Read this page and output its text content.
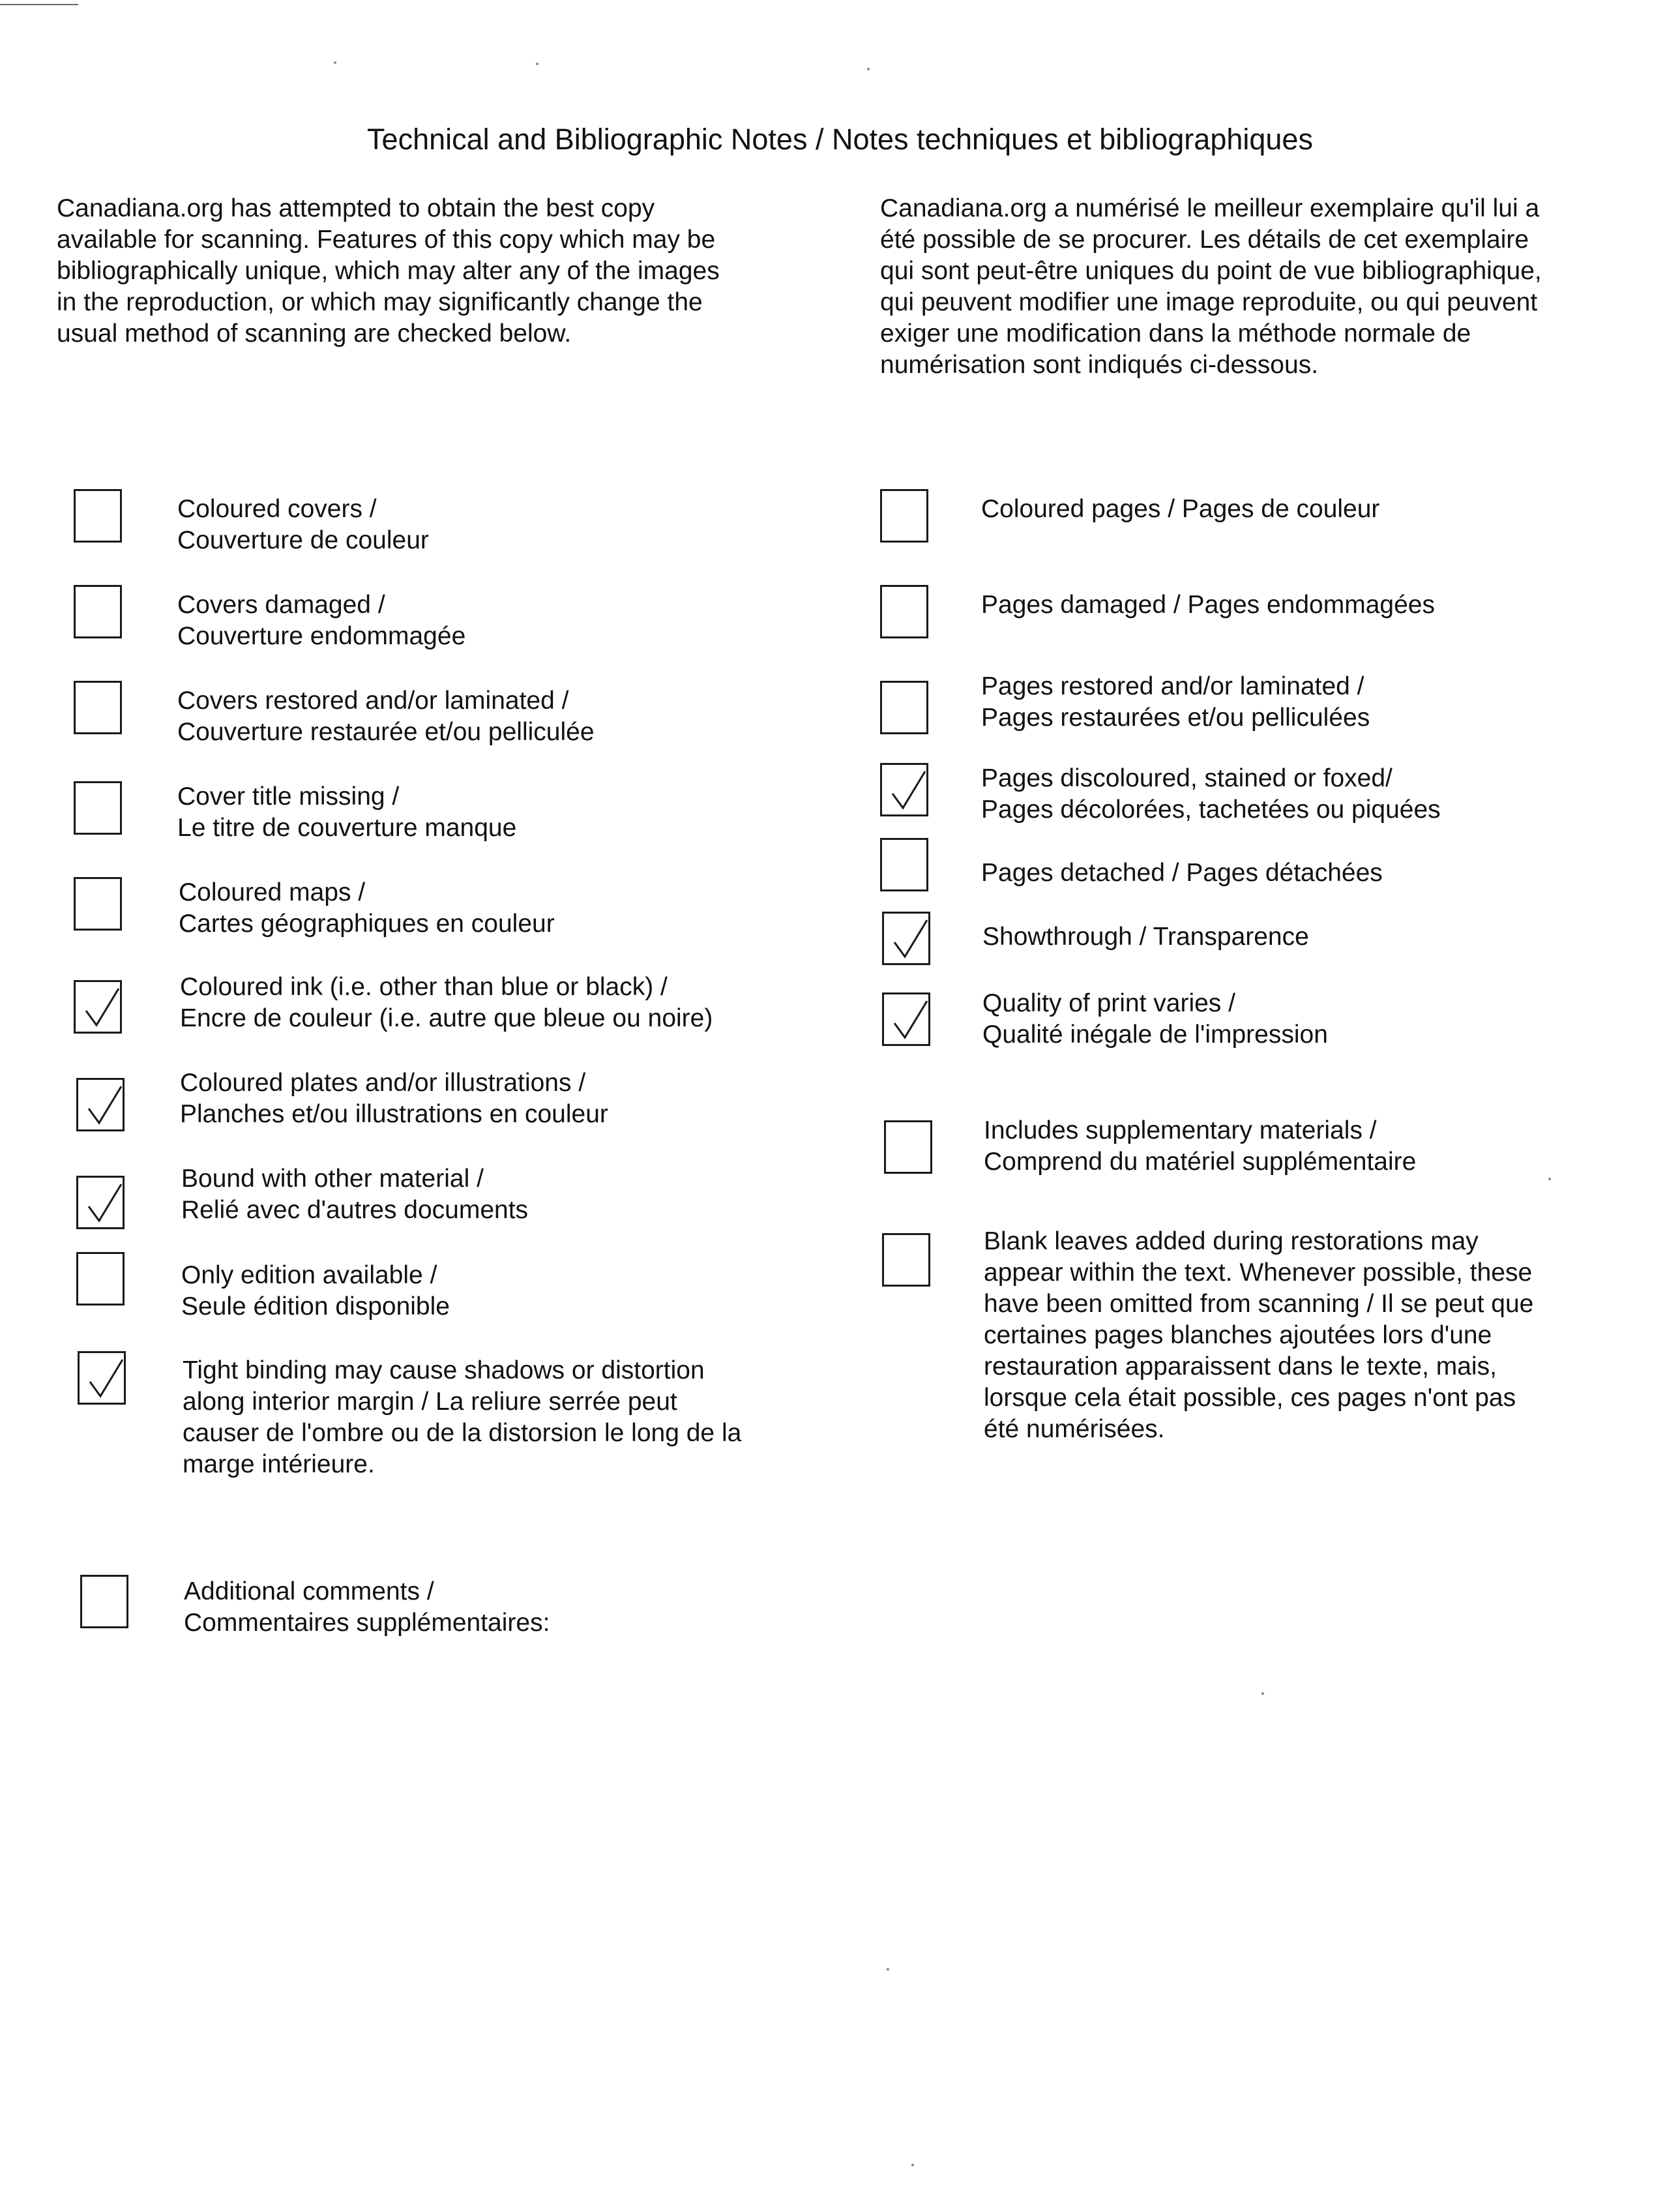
Technical and Bibliographic Notes / Notes techniques et bibliographiques
Canadiana.org has attempted to obtain the best copy
available for scanning. Features of this copy which may be
bibliographically unique, which may alter any of the images
in the reproduction, or which may significantly change the
usual method of scanning are checked below.
Canadiana.org a numérisé le meilleur exemplaire qu'il lui a
été possible de se procurer. Les détails de cet exemplaire
qui sont peut-être uniques du point de vue bibliographique,
qui peuvent modifier une image reproduite, ou qui peuvent
exiger une modification dans la méthode normale de
numérisation sont indiqués ci-dessous.
Coloured covers /
Couverture de couleur
Covers damaged /
Couverture endommagée
Covers restored and/or laminated /
Couverture restaurée et/ou pelliculée
Cover title missing /
Le titre de couverture manque
Coloured maps /
Cartes géographiques en couleur
Coloured ink (i.e. other than blue or black) /
Encre de couleur (i.e. autre que bleue ou noire)
Coloured plates and/or illustrations /
Planches et/ou illustrations en couleur
Bound with other material /
Relié avec d'autres documents
Only edition available /
Seule édition disponible
Tight binding may cause shadows or distortion
along interior margin / La reliure serrée peut
causer de l'ombre ou de la distorsion le long de la
marge intérieure.
Coloured pages / Pages de couleur
Pages damaged / Pages endommagées
Pages restored and/or laminated /
Pages restaurées et/ou pelliculées
Pages discoloured, stained or foxed/
Pages décolorées, tachetées ou piquées
Pages detached / Pages détachées
Showthrough / Transparence
Quality of print varies /
Qualité inégale de l'impression
Includes supplementary materials /
Comprend du matériel supplémentaire
Blank leaves added during restorations may
appear within the text. Whenever possible, these
have been omitted from scanning / Il se peut que
certaines pages blanches ajoutées lors d'une
restauration apparaissent dans le texte, mais,
lorsque cela était possible, ces pages n'ont pas
été numérisées.
Additional comments /
Commentaires supplémentaires:
